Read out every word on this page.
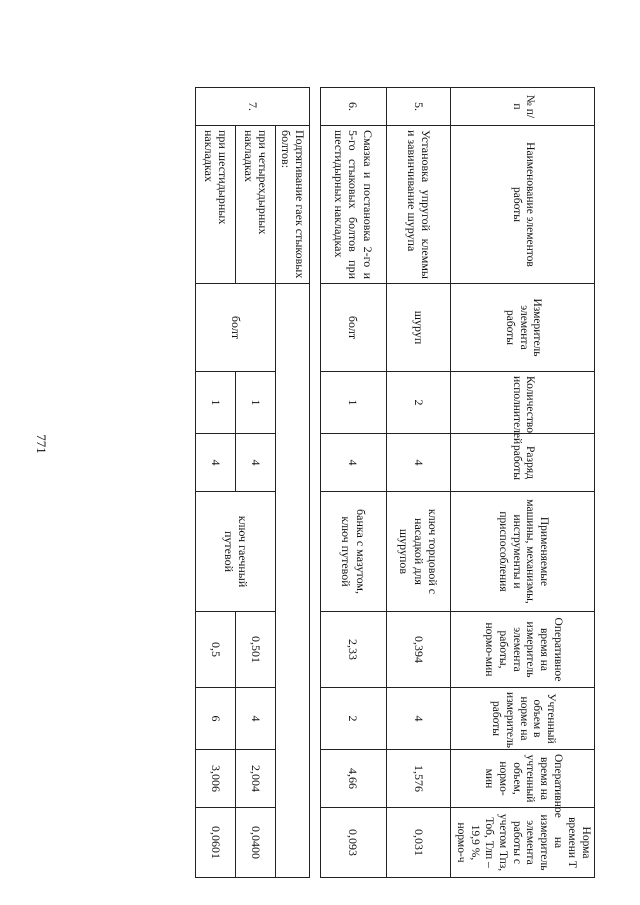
771
№ п/п	Наименование элементов работы	Измеритель элемента работы	Количество исполнителей	Разряд работы	Применяемые машины, механизмы, инструменты и приспособления	Оперативное время на измеритель элемента работы, нормо-мин	Учтенный объем в норме на измеритель работы	Оперативное время на учтенный объем, нормо-мин	Норма времени Т на измеритель элемента работы с учетом Тпз, Тоб, Тлп – 19,9 %, нормо-ч
5.	Установка упругой клеммы и завинчивание шурупа	шуруп	2	4	ключ торцовой с насадкой для шурупов	0,394	4	1,576	0,031
6.	Смазка и постановка 2-го и 5-го стыковых болтов при шестидырных накладках	болт	1	4	банка с мазутом, ключ путевой	2,33	2	4,66	0,093

7.	Подтягивание гаек стыковых болтов:								
	при четырехдырных накладках	болт	1	4	ключ гаечный путевой	0,501	4	2,004	0,0400
	при шестидырных накладках		1	4		0,5	6	3,006	0,0601
